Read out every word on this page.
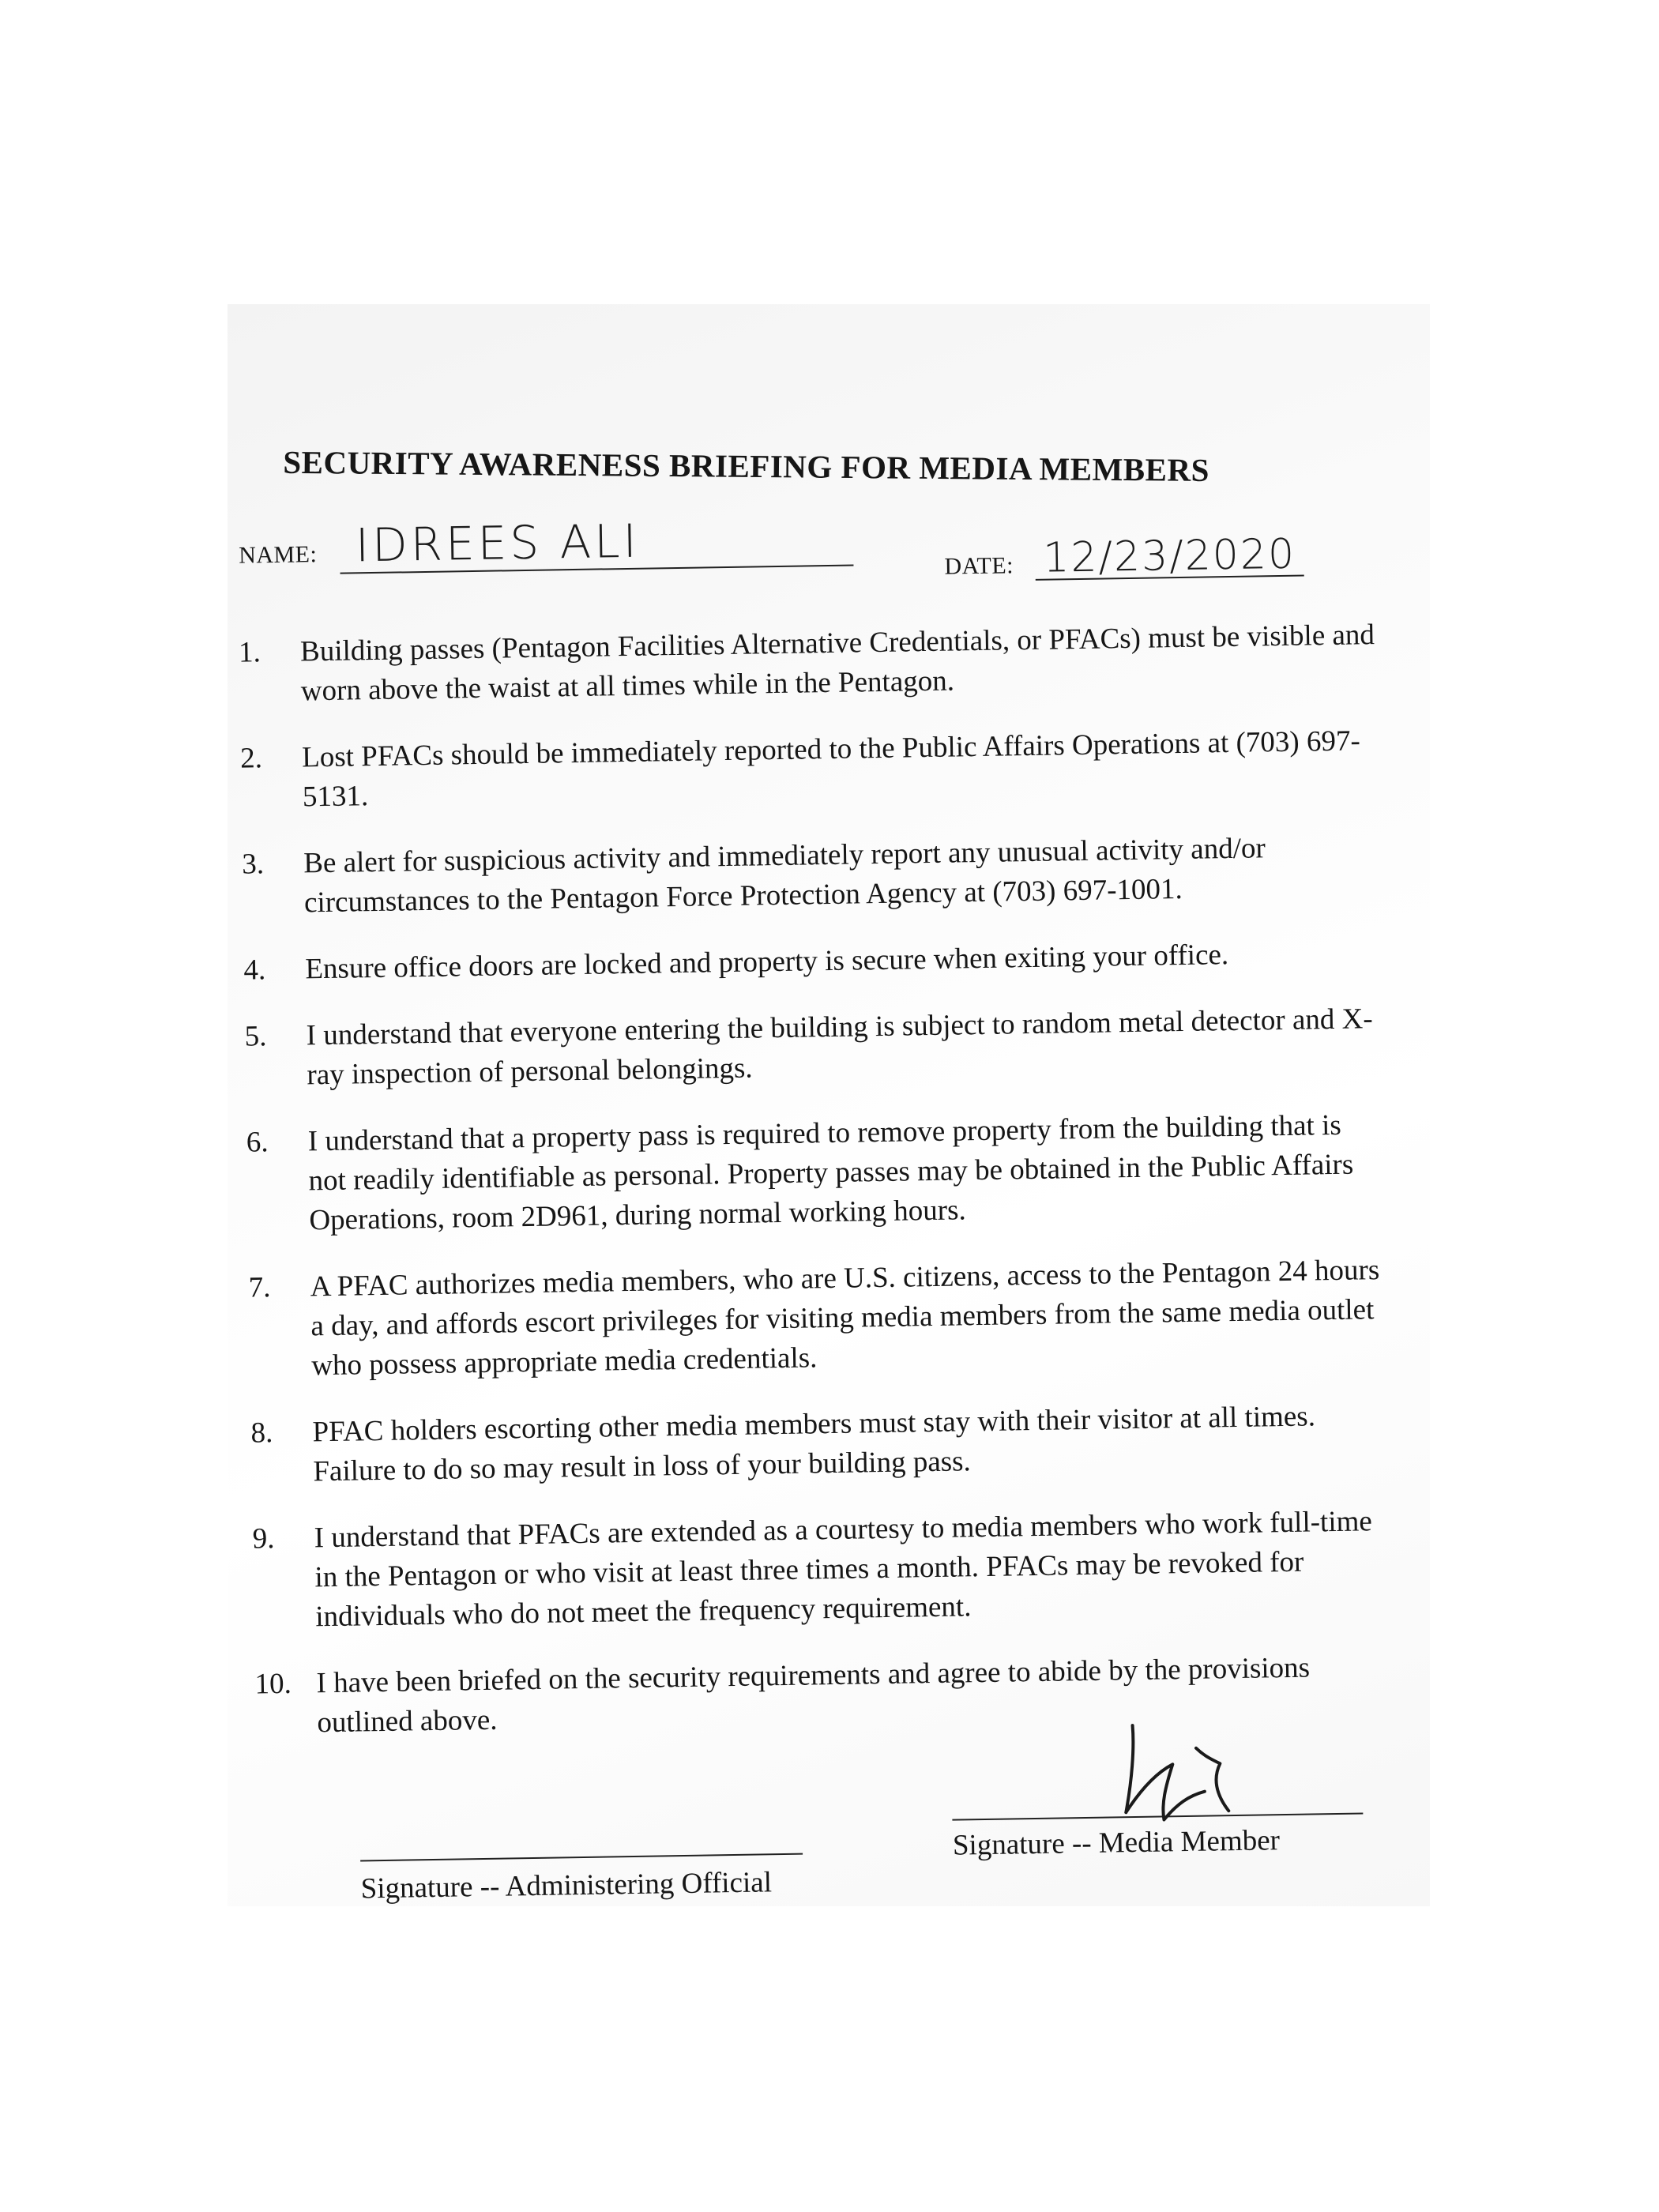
SECURITY AWARENESS BRIEFING FOR MEDIA MEMBERS
NAME: IDREES ALI	DATE: 12/23/2020
1.	Building passes (Pentagon Facilities Alternative Credentials, or PFACs) must be visible and worn above the waist at all times while in the Pentagon.
2.	Lost PFACs should be immediately reported to the Public Affairs Operations at (703) 697-5131.
3.	Be alert for suspicious activity and immediately report any unusual activity and/or circumstances to the Pentagon Force Protection Agency at (703) 697-1001.
4.	Ensure office doors are locked and property is secure when exiting your office.
5.	I understand that everyone entering the building is subject to random metal detector and X-ray inspection of personal belongings.
6.	I understand that a property pass is required to remove property from the building that is not readily identifiable as personal. Property passes may be obtained in the Public Affairs Operations, room 2D961, during normal working hours.
7.	A PFAC authorizes media members, who are U.S. citizens, access to the Pentagon 24 hours a day, and affords escort privileges for visiting media members from the same media outlet who possess appropriate media credentials.
8.	PFAC holders escorting other media members must stay with their visitor at all times. Failure to do so may result in loss of your building pass.
9.	I understand that PFACs are extended as a courtesy to media members who work full-time in the Pentagon or who visit at least three times a month. PFACs may be revoked for individuals who do not meet the frequency requirement.
10. I have been briefed on the security requirements and agree to abide by the provisions outlined above.
Signature -- Administering Official
Signature -- Media Member
